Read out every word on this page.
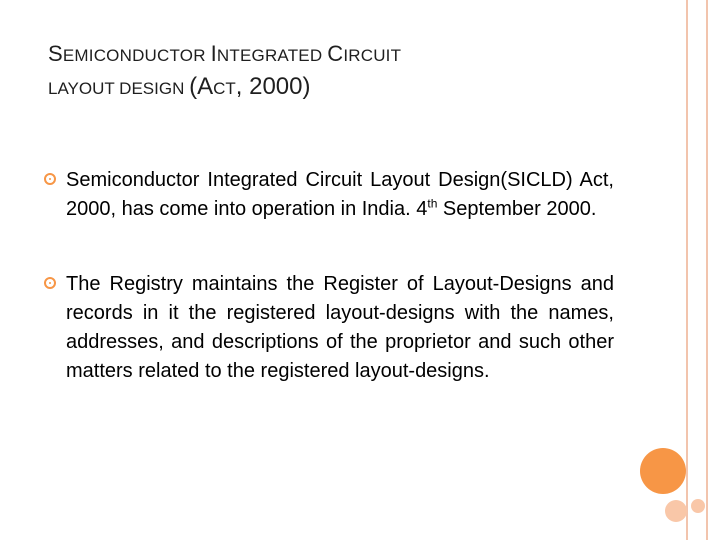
SEMICONDUCTOR INTEGRATED CIRCUIT
LAYOUT DESIGN (ACT, 2000)
Semiconductor Integrated Circuit Layout Design(SICLD) Act, 2000, has come into operation in India. 4th September 2000.
The Registry maintains the Register of Layout-Designs and records in it the registered layout-designs with the names, addresses, and descriptions of the proprietor and such other matters related to the registered layout-designs.
